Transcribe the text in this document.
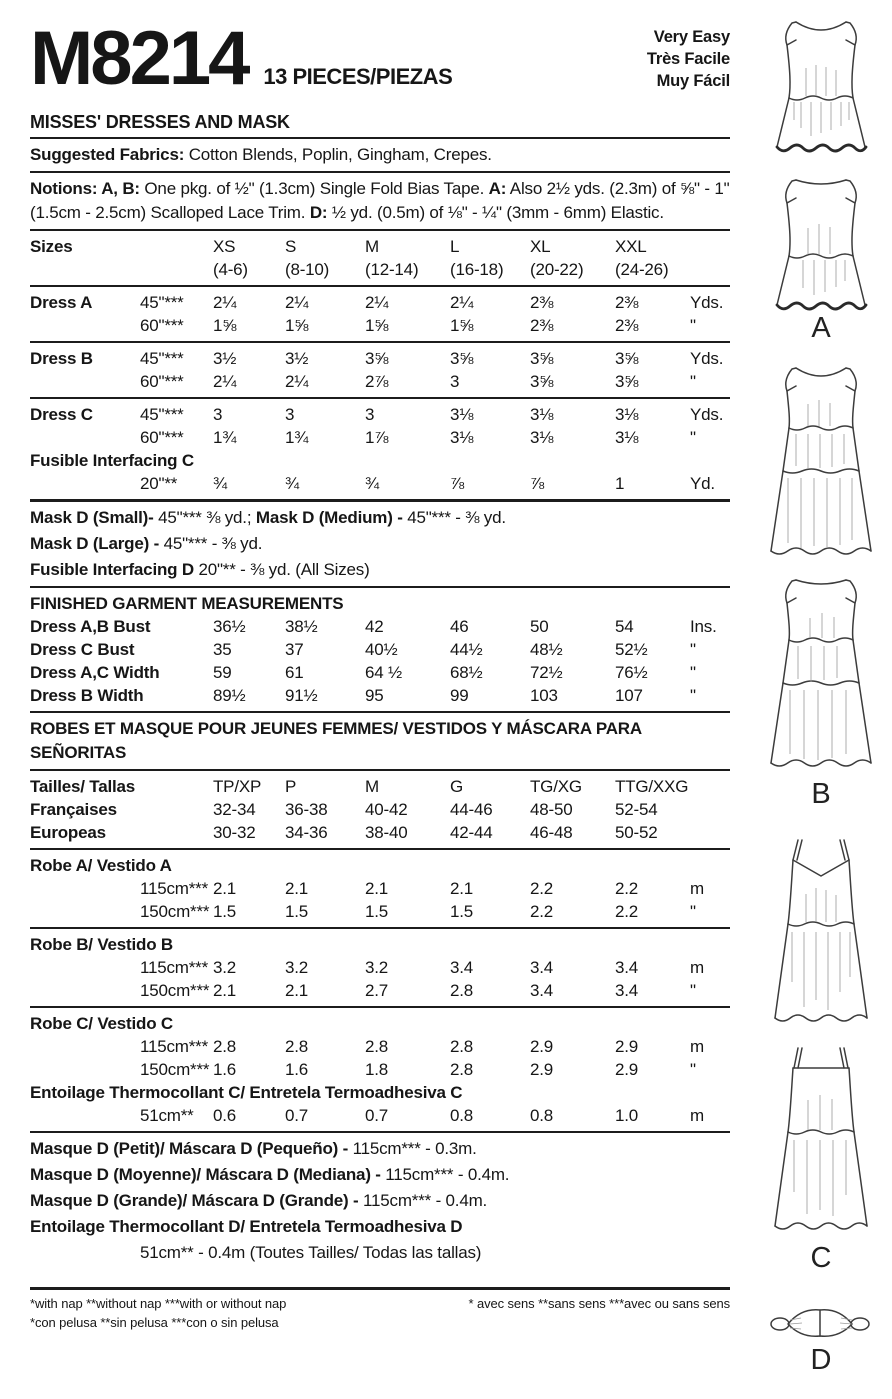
M8214 13 PIECES/PIEZAS
Very Easy
Très Facile
Muy Fácil
MISSES' DRESSES AND MASK

Suggested Fabrics: Cotton Blends, Poplin, Gingham, Crepes.

Notions: A, B: One pkg. of ½" (1.3cm) Single Fold Bias Tape. A: Also 2½ yds. (2.3m) of ⅝" - 1" (1.5cm - 2.5cm) Scalloped Lace Trim. D: ½ yd. (0.5m) of ⅛" - ¼" (3mm - 6mm) Elastic.

Sizes	XS	S	M	L	XL	XXL
(4-6)	(8-10)	(12-14)	(16-18)	(20-22)	(24-26)
Dress A	45"***	2¼	2¼	2¼	2¼	2⅜	2⅜	Yds.
60"***	1⅝	1⅝	1⅝	1⅝	2⅜	2⅜	"
Dress B	45"***	3½	3½	3⅝	3⅝	3⅝	3⅝	Yds.
60"***	2¼	2¼	2⅞	3	3⅝	3⅝	"
Dress C	45"***	3	3	3	3⅛	3⅛	3⅛	Yds.
60"***	1¾	1¾	1⅞	3⅛	3⅛	3⅛	"
Fusible Interfacing C
20"**	¾	¾	¾	⅞	⅞	1	Yd.

Mask D (Small)- 45"*** ⅜ yd.; Mask D (Medium) - 45"*** - ⅜ yd.

Mask D (Large) - 45"*** - ⅜ yd.

Fusible Interfacing D 20"** - ⅜ yd. (All Sizes)

FINISHED GARMENT MEASUREMENTS
Dress A,B Bust	36½	38½	42	46	50	54	Ins.
Dress C Bust	35	37	40½	44½	48½	52½	"
Dress A,C Width	59	61	64 ½	68½	72½	76½	"
Dress B Width	89½	91½	95	99	103	107	"

ROBES ET MASQUE POUR JEUNES FEMMES/ VESTIDOS Y MÁSCARA PARA SEÑORITAS

Tailles/ Tallas	TP/XP	P	M	G	TG/XG	TTG/XXG
Françaises	32-34	36-38	40-42	44-46	48-50	52-54
Europeas	30-32	34-36	38-40	42-44	46-48	50-52
Robe A/ Vestido A
115cm*** 2.1	2.1	2.1	2.1	2.2	2.2	m
150cm*** 1.5	1.5	1.5	1.5	2.2	2.2	"
Robe B/ Vestido B
115cm*** 3.2	3.2	3.2	3.4	3.4	3.4	m
150cm*** 2.1	2.1	2.7	2.8	3.4	3.4	"
Robe C/ Vestido C
115cm*** 2.8	2.8	2.8	2.8	2.9	2.9	m
150cm*** 1.6	1.6	1.8	2.8	2.9	2.9	"
Entoilage Thermocollant C/ Entretela Termoadhesiva C
51cm**	0.6	0.7	0.7	0.8	0.8	1.0	m

Masque D (Petit)/ Máscara D (Pequeño) - 115cm*** - 0.3m.

Masque D (Moyenne)/ Máscara D (Mediana) - 115cm*** - 0.4m.

Masque D (Grande)/ Máscara D (Grande) - 115cm*** - 0.4m.

Entoilage Thermocollant D/ Entretela Termoadhesiva D

51cm** - 0.4m (Toutes Tailles/ Todas las tallas)

*with nap **without nap ***with or without nap	* avec sens **sans sens ***avec ou sans sens
*con pelusa **sin pelusa ***con o sin pelusa
A
B
C
D
